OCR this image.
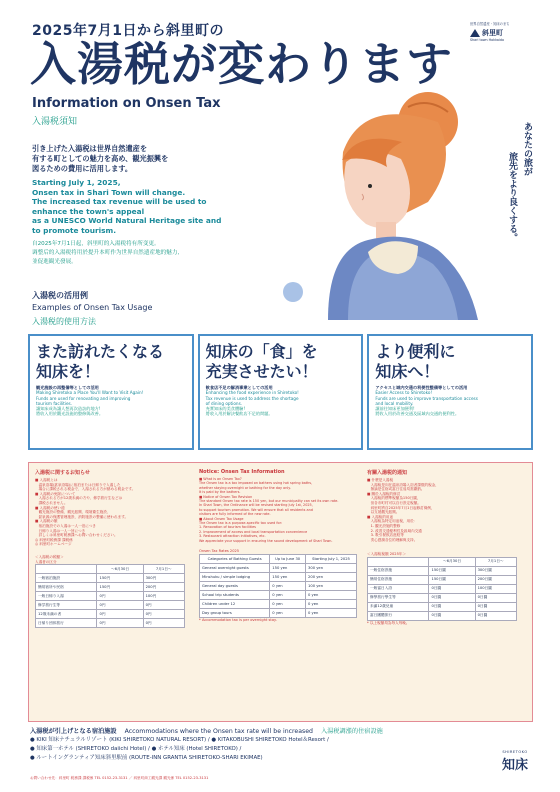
世界自然遺産・知床のまち
斜里町
Shari town Hokkaido
2025年7月1日から斜里町の
入湯税が変わります
Information on Onsen Tax
入湯税須知	あなたの旅が
旅先をより良くする。
引き上げた入湯税は世界自然遺産を
有する町としての魅力を高め、観光振興を
図るための費用に活用します。
Starting July 1, 2025,
Onsen tax in Shari Town will change.
The increased tax revenue will be used to
enhance the town's appeal
as a UNESCO World Natural Heritage site and
to promote tourism.
自2025年7月1日起，斜里町的入湯税将有所变更。
调整后的入湯税将用於提升本町作为世界自然遗産地的魅力,
並促進観光發展。
入湯税の活用例
Examples of Onsen Tax Usage
入湯税的使用方法
また訪れたくなる
知床を！
観光施設の再整備等としての活用
Making Shiretoko a Place You'll Want to Visit Again!
Funds are used for renovating and improving
tourism facilities.
讓知床成為讓人想再次造訪的地方!
將收入用於觀光設施的整修與改善。
知床の「食」を
充実させたい！
飲食店不足の解消事業としての活用
Enhancing the food experience in Shiretoko!
Tax revenue is used to address the shortage
of dining options.
充實知床的美食體驗!
將收入用於解決餐飲店不足的問題。
より便利に
知床へ！
アクセスと域内交通の利便性整備等としての活用
Easier Access to Shiretoko!
Funds are used to improve transportation access
and local mobility.
讓前往知床更加便利!
將收入用於改善交通及區域內交通的便利性。
入湯税に関するお知らせ
■ 入湯税とは
　温泉浴場(鉱泉浴場)に宿泊または日帰りで入湯した
　場合に課税される税金で、入湯される方が納める税金です。
■ 入湯税の免除について
　入湯される方が12歳未満の方や、修学旅行生などは
　課税されません。
■ 入湯税の使い道
　観光施設の整備、観光振興、環境衛生施設、
　鉱泉源の保護管理施設、消防施設の整備に使われます。
■ 入湯税の額
　宿泊施設での入湯は一人一泊につき
　日帰り入湯は一人一回につき
　詳しくは斜里町税務課へお問い合わせください。
◎ 斜里町税務課 課税係
◎ 斜里町ホームページ
＜入湯税の税額＞
入湯者の区分
	～6月30日	7月1日～
一般宿泊施設	150円	300円
簡易宿所や民宿	150円	200円
一般日帰り入湯	0円	100円
修学旅行生等	0円	0円
12歳未満の者	0円	0円
日帰り団体旅行	0円	0円
Notice: Onsen Tax Information
■ What is an Onsen Tax?
The Onsen tax is a tax imposed on bathers using hot spring baths,
whether staying overnight or bathing for the day only.
It is paid by the bathers.
■ Notice of Onsen Tax Revision
The standard Onsen tax rate is 150 yen, but our municipality can set its own rate.
In Shari Town, the Ordinance will be revised starting July 1st, 2025,
to support tourism promotion. We will ensure that all residents and
visitors are fully informed of the new rate.
■ About Onsen Tax Usage
The Onsen tax is a purpose-specific tax used for:
1. Renovation of tourism facilities
2. Improvement of access and local transportation convenience
3. Restaurant attraction initiatives, etc.
We appreciate your support in ensuring the sound development of Shari Town.
Onsen Tax Rates 2025
Categories of Bathing Guests	Up to June 30	Starting July 1, 2025
General overnight guests	150 yen	300 yen
Minshuku / simple lodging	150 yen	200 yen
General day guests	0 yen	100 yen
School trip students	0 yen	0 yen
Children under 12	0 yen	0 yen
Day group tours	0 yen	0 yen
* Accommodation tax is per overnight stay.
有關入湯税的通知
■ 什麼是入湯稅
　入湯稅是向在溫泉浴場入浴者課徵的稅金，
　無論是住宿或當日往返均需繳納。
■ 關於入湯稅的修訂
　入湯稅的標準稅額為150日圓，
　但各市町村可以自行設定稅額。
　斜里町將自2025年7月1日起修訂條例，
　以支援觀光振興。
■ 入湯稅的用途
　入湯稅為特定用途稅，用於：
　1. 觀光設施的整修
　2. 改善交通便利性及區域內交通
　3. 吸引餐飲店進駐等
　衷心感謝各位的理解與支持。
＜入湯稅稅額 2025年＞
	～6月30日	7月1日～
一般住宿設施	150日圓	300日圓
簡易住宿設施	150日圓	200日圓
一般當日入浴	0日圓	100日圓
修學旅行學生等	0日圓	0日圓
未滿12歲兒童	0日圓	0日圓
當日團體旅行	0日圓	0日圓
* 以上稅額均為每人每晚。
入湯税が引上げとなる宿泊施設 Accommodations where the Onsen tax rate will be increased 入湯税調漲的住宿設施
● KIKI 知床ナチュラルリゾート (KIKI SHIRETOKO NATURAL RESORT) / ● KITAKOBUSHI SHIRETOKO Hotel＆Resort /
● 知床第一ホテル (SHIRETOKO daiichi Hotel) / ● ホテル知床 (Hotel SHIRETOKO) /
● ルートイングランティア知床斜里駅前 (ROUTE-INN GRANTIA SHIRETOKO-SHARI EKIMAE)
お問い合わせ先：斜里町 税務課 課税係 TEL 0152-23-3131 ／ 斜里町商工観光課 観光係 TEL 0152-23-3131
SHIRETOKO
知床
